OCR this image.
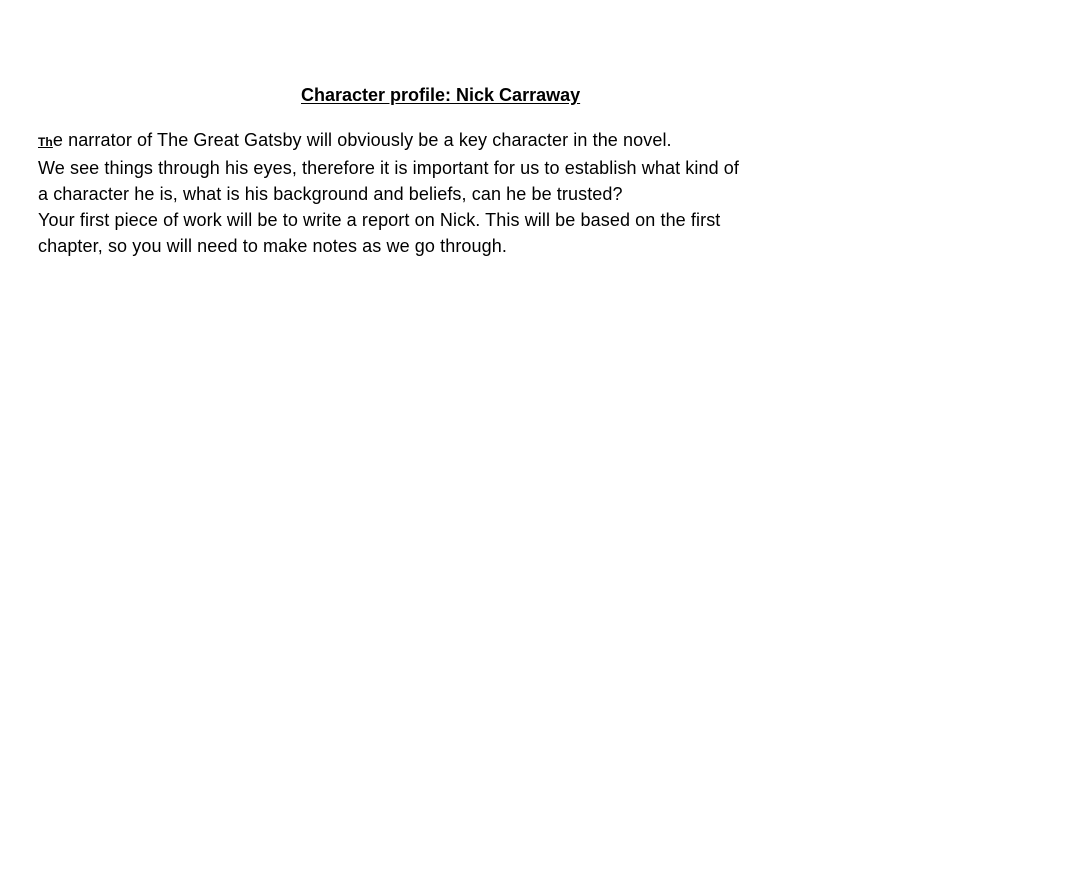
Character profile: Nick Carraway
The narrator of The Great Gatsby will obviously be a key character in the novel.
We see things through his eyes, therefore it is important for us to establish what kind of
a character he is, what is his background and beliefs, can he be trusted?
Your first piece of work will be to write a report on Nick. This will be based on the first
chapter, so you will need to make notes as we go through.
